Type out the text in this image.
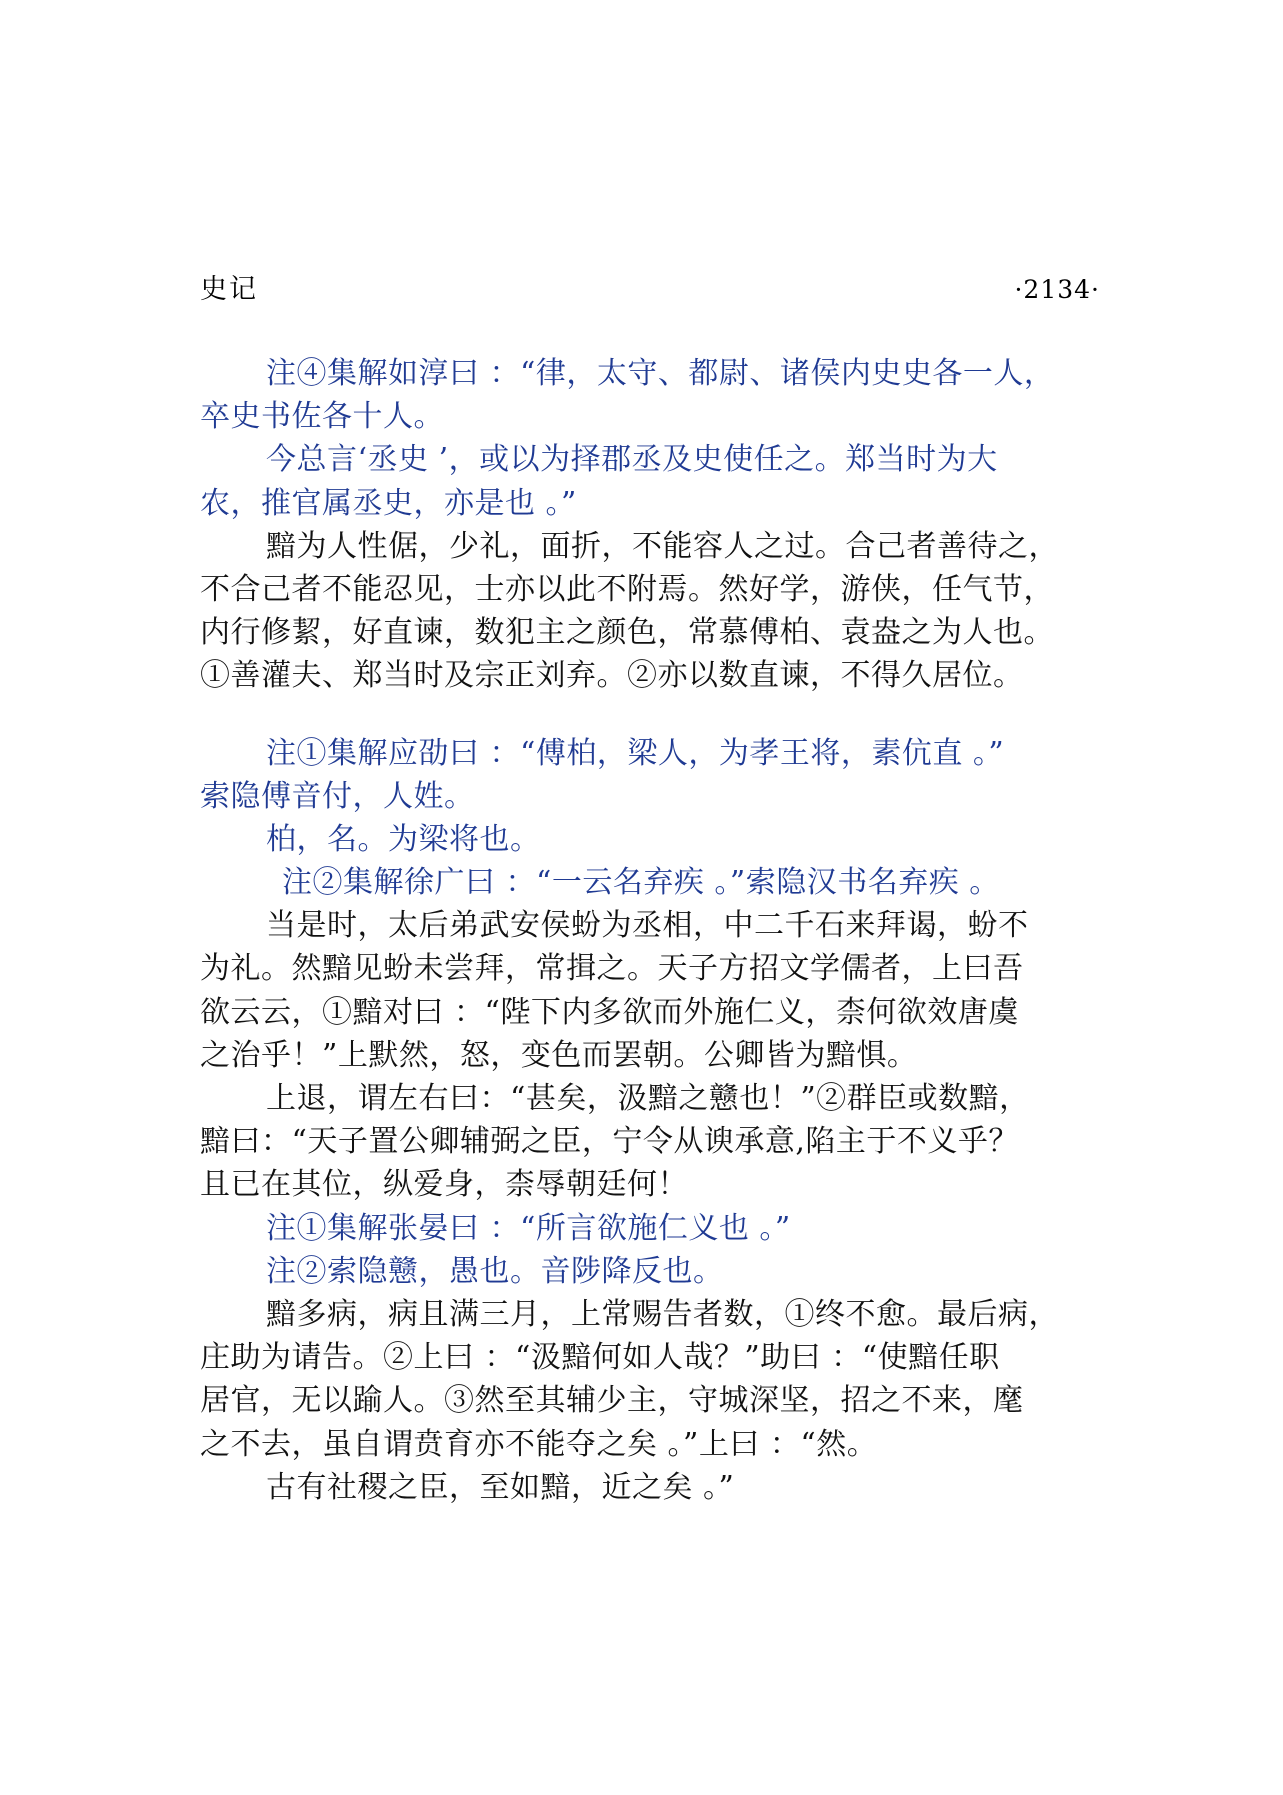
史记	·2134·
注④集解如淳曰 ：“律，太守、都尉、诸侯内史史各一人，
卒史书佐各十人。
今总言‘丞史 ’，或以为择郡丞及史使任之。郑当时为大
农，推官属丞史，亦是也 。”
黯为人性倨，少礼，面折，不能容人之过。合己者善待之，
不合己者不能忍见，士亦以此不附焉。然好学，游侠，任气节，
内行修絜，好直谏，数犯主之颜色，常慕傅柏、袁盎之为人也。
①善灌夫、郑当时及宗正刘弃。②亦以数直谏，不得久居位。
注①集解应劭曰 ：“傅柏，梁人，为孝王将，素伉直 。”
索隐傅音付，人姓。
柏，名。为梁将也。
注②集解徐广曰 ：“一云名弃疾 。”索隐汉书名弃疾 。
当是时，太后弟武安侯蚡为丞相，中二千石来拜谒，蚡不
为礼。然黯见蚡未尝拜，常揖之。天子方招文学儒者，上曰吾
欲云云，①黯对曰 ：“陛下内多欲而外施仁义，柰何欲效唐虞
之治乎！”上默然，怒，变色而罢朝。公卿皆为黯惧。
上退，谓左右曰：“甚矣，汲黯之戆也！”②群臣或数黯，
黯曰：“天子置公卿辅弼之臣，宁令从谀承意,陷主于不义乎？
且已在其位，纵爱身，柰辱朝廷何！
注①集解张晏曰 ：“所言欲施仁义也 。”
注②索隐戆，愚也。音陟降反也。
黯多病，病且满三月，上常赐告者数，①终不愈。最后病，
庄助为请告。②上曰 ：“汲黯何如人哉？”助曰 ：“使黯任职
居官，无以踰人。③然至其辅少主，守城深坚，招之不来，麾
之不去，虽自谓贲育亦不能夺之矣 。”上曰 ：“然。
古有社稷之臣，至如黯，近之矣 。”
